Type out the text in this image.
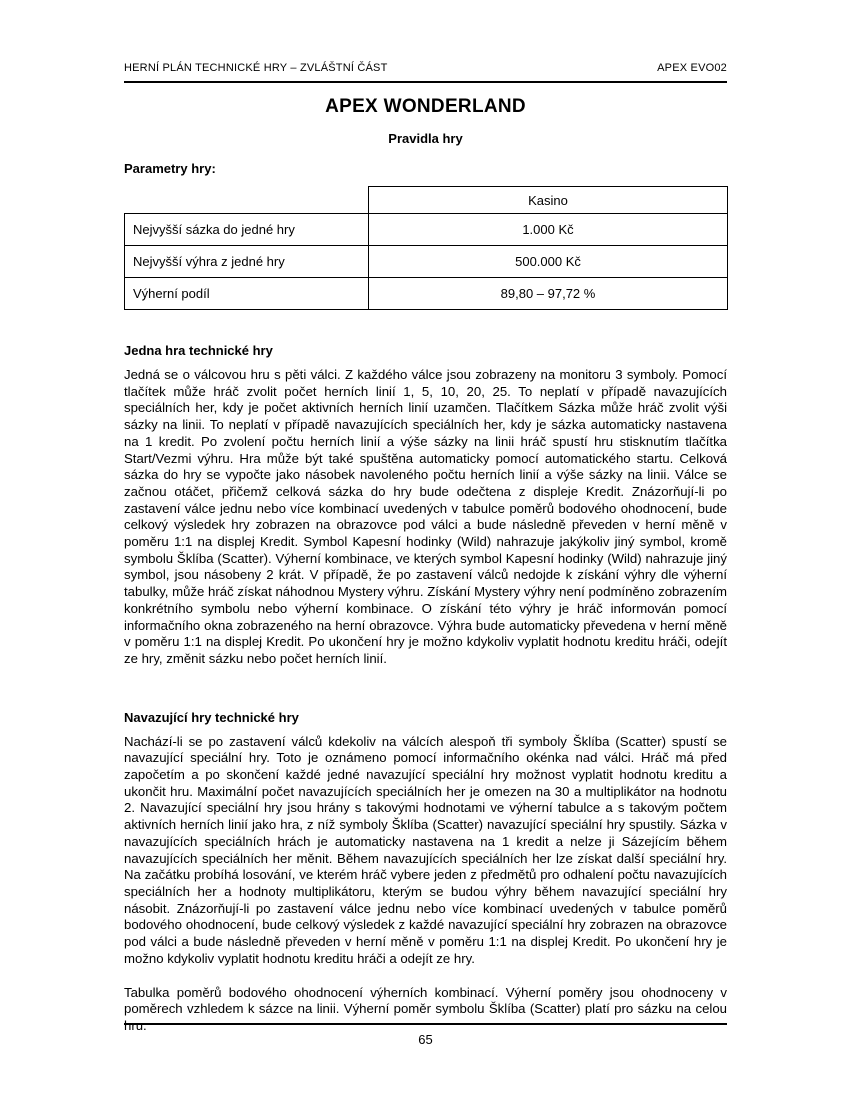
HERNÍ PLÁN TECHNICKÉ HRY – ZVLÁŠTNÍ ČÁST	APEX EVO02
APEX WONDERLAND
Pravidla hry
Parametry hry:
	Kasino
Nejvyšší sázka do jedné hry	1.000 Kč
Nejvyšší výhra z jedné hry	500.000 Kč
Výherní podíl	89,80 – 97,72 %
Jedna hra technické hry

Jedná se o válcovou hru s pěti válci. Z každého válce jsou zobrazeny na monitoru 3 symboly. Pomocí tlačítek může hráč zvolit počet herních linií 1, 5, 10, 20, 25. To neplatí v případě navazujících speciálních her, kdy je počet aktivních herních linií uzamčen. Tlačítkem Sázka může hráč zvolit výši sázky na linii. To neplatí v případě navazujících speciálních her, kdy je sázka automaticky nastavena na 1 kredit. Po zvolení počtu herních linií a výše sázky na linii hráč spustí hru stisknutím tlačítka Start/Vezmi výhru. Hra může být také spuštěna automaticky pomocí automatického startu. Celková sázka do hry se vypočte jako násobek navoleného počtu herních linií a výše sázky na linii. Válce se začnou otáčet, přičemž celková sázka do hry bude odečtena z displeje Kredit. Znázorňují-li po zastavení válce jednu nebo více kombinací uvedených v tabulce poměrů bodového ohodnocení, bude celkový výsledek hry zobrazen na obrazovce pod válci a bude následně převeden v herní měně v poměru 1:1 na displej Kredit. Symbol Kapesní hodinky (Wild) nahrazuje jakýkoliv jiný symbol, kromě symbolu Šklíba (Scatter). Výherní kombinace, ve kterých symbol Kapesní hodinky (Wild) nahrazuje jiný symbol, jsou násobeny 2 krát. V případě, že po zastavení válců nedojde k získání výhry dle výherní tabulky, může hráč získat náhodnou Mystery výhru. Získání Mystery výhry není podmíněno zobrazením konkrétního symbolu nebo výherní kombinace. O získání této výhry je hráč informován pomocí informačního okna zobrazeného na herní obrazovce. Výhra bude automaticky převedena v herní měně v poměru 1:1 na displej Kredit. Po ukončení hry je možno kdykoliv vyplatit hodnotu kreditu hráči, odejít ze hry, změnit sázku nebo počet herních linií.

Navazující hry technické hry

Nachází-li se po zastavení válců kdekoliv na válcích alespoň tři symboly Šklíba (Scatter) spustí se navazující speciální hry. Toto je oznámeno pomocí informačního okénka nad válci. Hráč má před započetím a po skončení každé jedné navazující speciální hry možnost vyplatit hodnotu kreditu a ukončit hru. Maximální počet navazujících speciálních her je omezen na 30 a multiplikátor na hodnotu 2. Navazující speciální hry jsou hrány s takovými hodnotami ve výherní tabulce a s takovým počtem aktivních herních linií jako hra, z níž symboly Šklíba (Scatter) navazující speciální hry spustily. Sázka v navazujících speciálních hrách je automaticky nastavena na 1 kredit a nelze ji Sázejícím během navazujících speciálních her měnit. Během navazujících speciálních her lze získat další speciální hry. Na začátku probíhá losování, ve kterém hráč vybere jeden z předmětů pro odhalení počtu navazujících speciálních her a hodnoty multiplikátoru, kterým se budou výhry během navazující speciální hry násobit. Znázorňují-li po zastavení válce jednu nebo více kombinací uvedených v tabulce poměrů bodového ohodnocení, bude celkový výsledek z každé navazující speciální hry zobrazen na obrazovce pod válci a bude následně převeden v herní měně v poměru 1:1 na displej Kredit. Po ukončení hry je možno kdykoliv vyplatit hodnotu kreditu hráči a odejít ze hry.

Tabulka poměrů bodového ohodnocení výherních kombinací. Výherní poměry jsou ohodnoceny v poměrech vzhledem k sázce na linii. Výherní poměr symbolu Šklíba (Scatter) platí pro sázku na celou hru.

65
